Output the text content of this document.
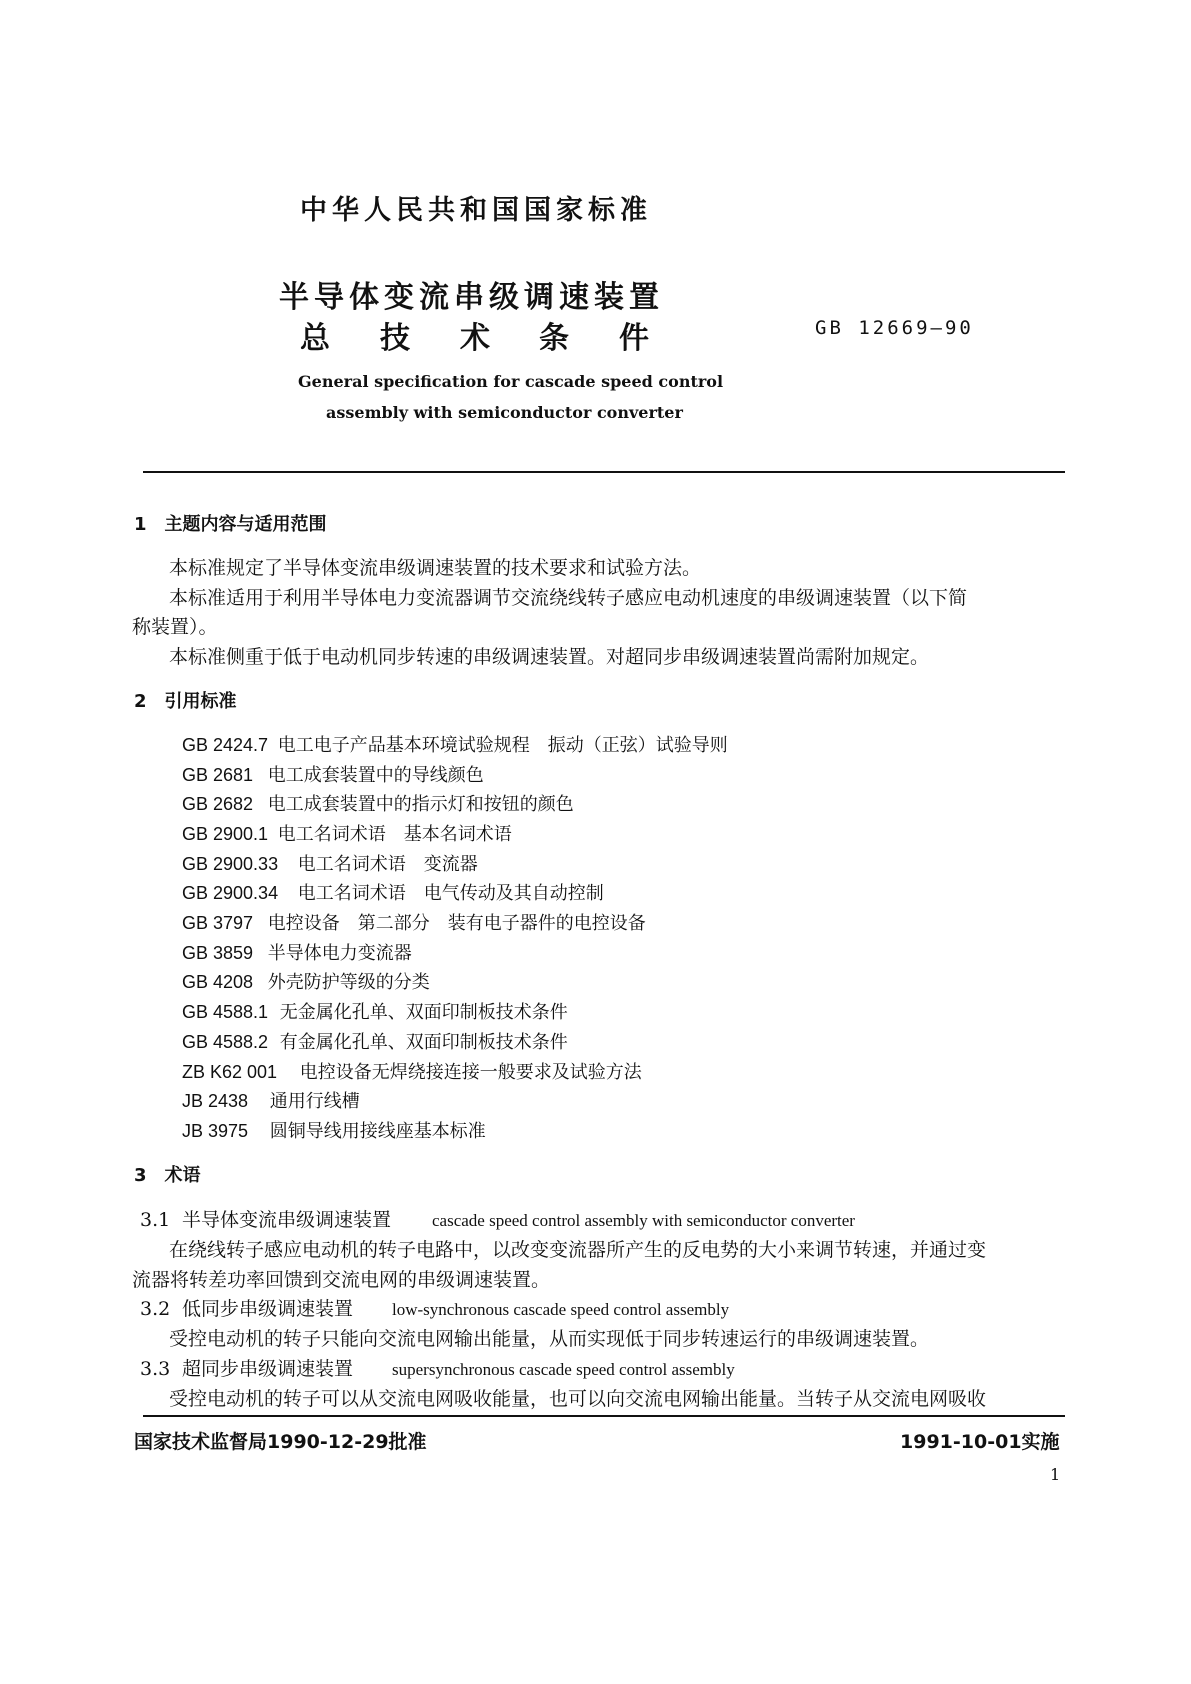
中华人民共和国国家标准
半导体变流串级调速装置
总 技 术 条 件	GB 12669—90
General specification for cascade speed control
assembly with semiconductor converter
1　主题内容与适用范围
本标准规定了半导体变流串级调速装置的技术要求和试验方法。
本标准适用于利用半导体电力变流器调节交流绕线转子感应电动机速度的串级调速装置（以下简
称装置）。
本标准侧重于低于电动机同步转速的串级调速装置。对超同步串级调速装置尚需附加规定。
2　引用标准
GB 2424.7 电工电子产品基本环境试验规程　振动（正弦）试验导则
GB 2681 电工成套装置中的导线颜色
GB 2682 电工成套装置中的指示灯和按钮的颜色
GB 2900.1 电工名词术语　基本名词术语
GB 2900.33 电工名词术语　变流器
GB 2900.34 电工名词术语　电气传动及其自动控制
GB 3797 电控设备　第二部分　装有电子器件的电控设备
GB 3859 半导体电力变流器
GB 4208 外壳防护等级的分类
GB 4588.1 无金属化孔单、双面印制板技术条件
GB 4588.2 有金属化孔单、双面印制板技术条件
ZB K62 001 电控设备无焊绕接连接一般要求及试验方法
JB 2438 通用行线槽
JB 3975 圆铜导线用接线座基本标准
3　术语
3.1 半导体变流串级调速装置 cascade speed control assembly with semiconductor converter
在绕线转子感应电动机的转子电路中，以改变变流器所产生的反电势的大小来调节转速，并通过变
流器将转差功率回馈到交流电网的串级调速装置。
3.2 低同步串级调速装置 low-synchronous cascade speed control assembly
受控电动机的转子只能向交流电网输出能量，从而实现低于同步转速运行的串级调速装置。
3.3 超同步串级调速装置 supersynchronous cascade speed control assembly
受控电动机的转子可以从交流电网吸收能量，也可以向交流电网输出能量。当转子从交流电网吸收
国家技术监督局1990-12-29批准	1991-10-01实施
1
